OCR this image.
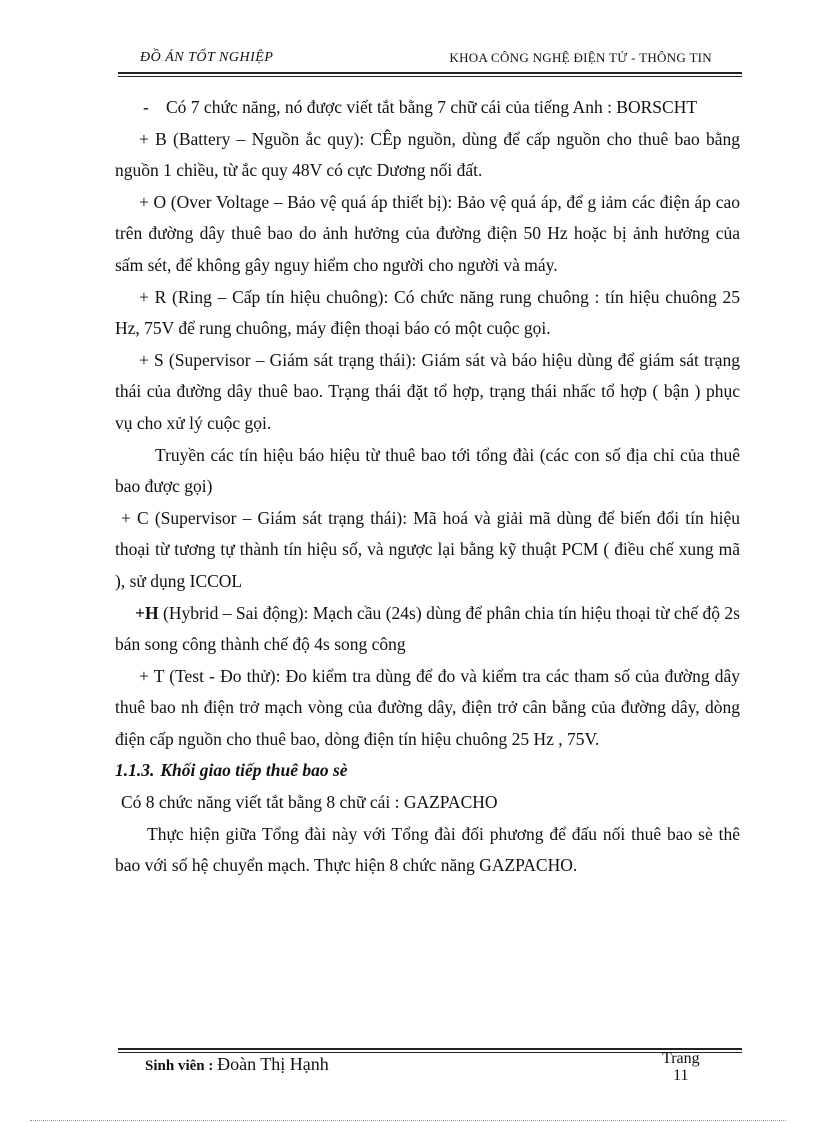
ĐỒ ÁN TỐT NGHIỆP	KHOA CÔNG NGHỆ ĐIỆN TỬ - THÔNG TIN
- Có 7 chức năng, nó được viết tắt bằng 7 chữ cái của tiếng Anh : BORSCHT

+ B (Battery – Nguồn ắc quy): CÊp nguồn, dùng để cấp nguồn cho thuê bao bằng nguồn 1 chiều, từ ắc quy 48V có cực Dương nối đất.

+ O (Over Voltage – Bảo vệ quá áp thiết bị): Bảo vệ quá áp, để g iảm các điện áp cao trên đường dây thuê bao do ảnh hưởng của đường điện 50 Hz hoặc bị ảnh hưởng của sấm sét, để không gây nguy hiểm cho người cho người và máy.

+ R (Ring – Cấp tín hiệu chuông): Có chức năng rung chuông : tín hiệu chuông 25 Hz, 75V để rung chuông, máy điện thoại báo có một cuộc gọi.

+ S (Supervisor – Giám sát trạng thái): Giám sát và báo hiệu dùng để giám sát trạng thái của đường dây thuê bao. Trạng thái đặt tổ hợp, trạng thái nhấc tổ hợp ( bận ) phục vụ cho xử lý cuộc gọi.

Truyền các tín hiệu báo hiệu từ thuê bao tới tổng đài (các con số địa chỉ của thuê bao được gọi)

+ C (Supervisor – Giám sát trạng thái): Mã hoá và giải mã dùng để biến đổi tín hiệu thoại từ tương tự thành tín hiệu số, và ngược lại bằng kỹ thuật PCM ( điều chế xung mã ), sử dụng ICCOL

+H (Hybrid – Sai động): Mạch cầu (24s) dùng để phân chia tín hiệu thoại từ chế độ 2s bán song công thành chế độ 4s song công

+ T (Test - Đo thử): Đo kiểm tra dùng để đo và kiểm tra các tham số của đường dây thuê bao nh điện trở mạch vòng của đường dây, điện trở cân bằng của đường dây, dòng điện cấp nguồn cho thuê bao, dòng điện tín hiệu chuông 25 Hz , 75V.

1.1.3. Khối giao tiếp thuê bao sè

Có 8 chức năng viết tắt bằng 8 chữ cái : GAZPACHO

Thực hiện giữa Tổng đài này với Tổng đài đối phương để đấu nối thuê bao sè thê bao với số hệ chuyển mạch. Thực hiện 8 chức năng GAZPACHO.

Sinh viên : Đoàn Thị Hạnh	Trang
11
